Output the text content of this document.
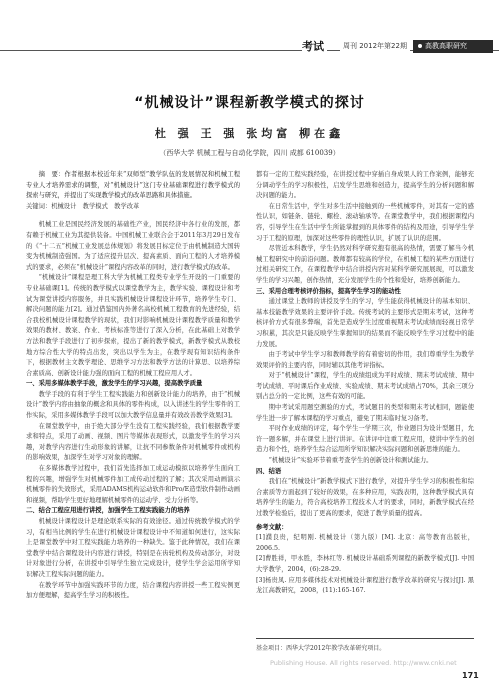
考试	周刊 2012年第22期	高教高职研究
“机械设计”课程新教学模式的探讨
杜 强 王 强 张均富 柳在鑫
（西华大学 机械工程与自动化学院，四川 成都 610039）

摘　要：作者根据本校近年来“双师型”教学队伍的发展情况和机械工程专业人才培养需求的调整，对“机械设计”这门专业基础课程进行教学模式的探索与研究，并提出了实现教学模式的改革思路和具体措施。

关键词：机械设计　教学模式　教学改革

机械工业是国民经济发展的基础性产业，国民经济中各行业的发展，都有赖于机械工业为其提供装备。中国机械工业联合会于2011年3月29日发布的《“十二五”机械工业发展总体规划》将发展目标定位于由机械制造大国转变为机械制造强国。为了适应提升层次、提高素质、面向工程的人才培养模式的要求，必须在“机械设计”课程内容改革的同时，进行教学模式的改革。

“机械设计”课程是理工科大学为机械工程类专业学生开设的一门重要的专业基础课[1]。传统的教学模式以课堂教学为主，教学实验、课程设计和考试为课堂讲授内容服务，并且实践机械设计课程设计环节，培养学生专门、解决问题的能力[2]。通过借鉴国内外著名高校机械工程教育的先进经验，结合我校机械设计课程教学的现状，我们对影响机械设计课程教学质量和教学效果的教材、教案、作业、考核标准等进行了深入分析，在此基础上对教学方法和教学手段进行了初步探索，提出了新的教学模式，新教学模式从教校地方综合性大学的特点出发，突出以学生为主，在教学现有知识结构条件下，根据教材主文教学理论、思维学习方法和教学方法的计算思、以培养综合素质高、创新设计能力强的面向工程的机械工程应用人才。

一、采用多媒体教学手段，激发学生的学习兴趣，提高教学质量

教学手段的有利于学生工程实践能力和创新设计能力的培养，由于“机械设计”教学内容由抽象的概念和具体的零件构成，以入讲述生的学生零件的工作实际，采用多媒体教学手段可以加大教学信息量并有效改善教学效果[3]。

在课堂教学中，由于绝大部分学生没有工程实践经验，我们根据教学要求和特点，采用了动画、视频、图片等媒体表现形式，以激发学生的学习兴趣，对教学内容进行生动形象的讲解，让抗不同参数条件对机械零件或机构的影响效果，加深学生对学习对象的理解。

在多媒体教学过程中，我们首先选择加工成运动模拟以培养学生面向工程的兴趣，增强学生对机械零件加工成传动过程的了解；其次采用动画演示机械零件的失效形式，采用ADAMS机构运动软件和Pro/E造型软件制作动画和视频，帮助学生更好地理解机械零件的运动学、受力分析等。

二、结合工程应用进行讲授，加强学生工程实践能力的培养

机械设计课程设计是理论联系实际的有效途径。通过传统教学模式的学习，有相当比例的学生在进行机械设计课程设计中不知道如何进行，这实际上是课堂教学中对工程实践能力培养的一种缺失。鉴于此种情况，我们在课堂教学中结合课程设计内容进行讲授，特别是在齿轮机构及传动部分，对设计对象进行分析，在讲授中引导学生独立完成设计，使学生学会运用所学知识解决工程实际问题的能力。

在教学环节中加强实践环节的力度，结合课程内容讲授一些工程实例更加方便理解，提高学生学习的积极性。

都有一定的工程实践经验，在讲授过程中穿插自身成果人的工作案例，能够充分调动学生的学习积极性，启发学生思维和创造力，提高学生的分析问题和解决问题的能力。

在日常生活中，学生对多生活中接触到的一些机械零件，对其有一定的感性认识，如链条、链轮、螺栓、滚动轴承等。在课堂教学中，我们根据课程内容，引导学生在生活中学生所能掌握到的具体零件的结构及用途，引导学生学习于工程的原理，加深对这些零件的理性认识，扩展了认识的范围。

尽管近本科教学，学生仍然对科学研究抱有很高的热情，需要了解当今机械工程研究中的前沿问题。教师都有较高的学位，在机械工程的某些方面进行过相关研究工作，在课程教学中结合讲授内容对某科学研究展展现，可以激发学生的学习兴趣，创作热情，充分发展学生的个性和爱好，培养创新能力。

三、采用合理考核评价指标，提高学生学习的能动性

通过课堂上教师的讲授及学生的学习，学生能获得机械设计的基本知识、基本技能教学效果的主要评价手段。传统考试的主要形式是期末考试，这种考核评价方式有很多弊端，首先是造成学生过度重视期末考试成绩而轻视日常学习积累，其次是只能反映学生掌握知识的结果而不能反映学生学习过程中的能力发展。

由于考试中学生学习和教师教学的有着密切的作用，我们尊重学生为教学效果评价的主要内容，同时辅以其他考评指标。

对于“机械设计”课程，学生的成绩组成为平时成绩、期末考试成绩、期中考试成绩、平时课后作业成绩、实验成绩、期末考试成绩占70%，其余三项分别占总分的一定比例，这些有效的可能。

期中考试采用题空测验的方式，考试题目的类型和期末考试相同，题能使学生进一步了解本课程的学习重点，避免了期末临时复习备考。

平时作业成绩的评定，每个学生一学期三次，作业题目为设计型题目，允许一题多解，并在课堂上进行讲评。在讲评中注重工程应用，使讲中学生的创造力和个性，培养学生综合运用所学知识解决实际问题和创新思维的能力。

“机械设计”实验环节着重考查学生的创新设计和测试能力。

四、结语

我们在“机械设计”新教学模式下进行教学，对提升学生学习的积极性和综合素质等方面起到了较好的效果，在多种应用，实践表明，这种教学模式具有培养学生的能力，符合高校培养工程技术人才的要求，同时，新教学模式在经过教学检验后，提出了更高的要求，促进了教学质量的提高。

参考文献：

[1]濮良贵，纪明刚. 机械设计（第九版）[M]. 北京：高等教育出版社，2006.5.

[2]曹胜祥，甲永胜，李林红等. 机械设计基础系列课程的新教学模式[J]. 中国大学教学，2004，(6):28-29.

[3]杨贵凤. 应用多媒体技术对机械设计课程进行教学改革的研究与探讨[J]. 黑龙江高教研究，2008，(11):165-167.

基金项目：西华大学2012年教学改革研究项目。
Publishing House. All rights reserved. http://www.cnki.net
171
